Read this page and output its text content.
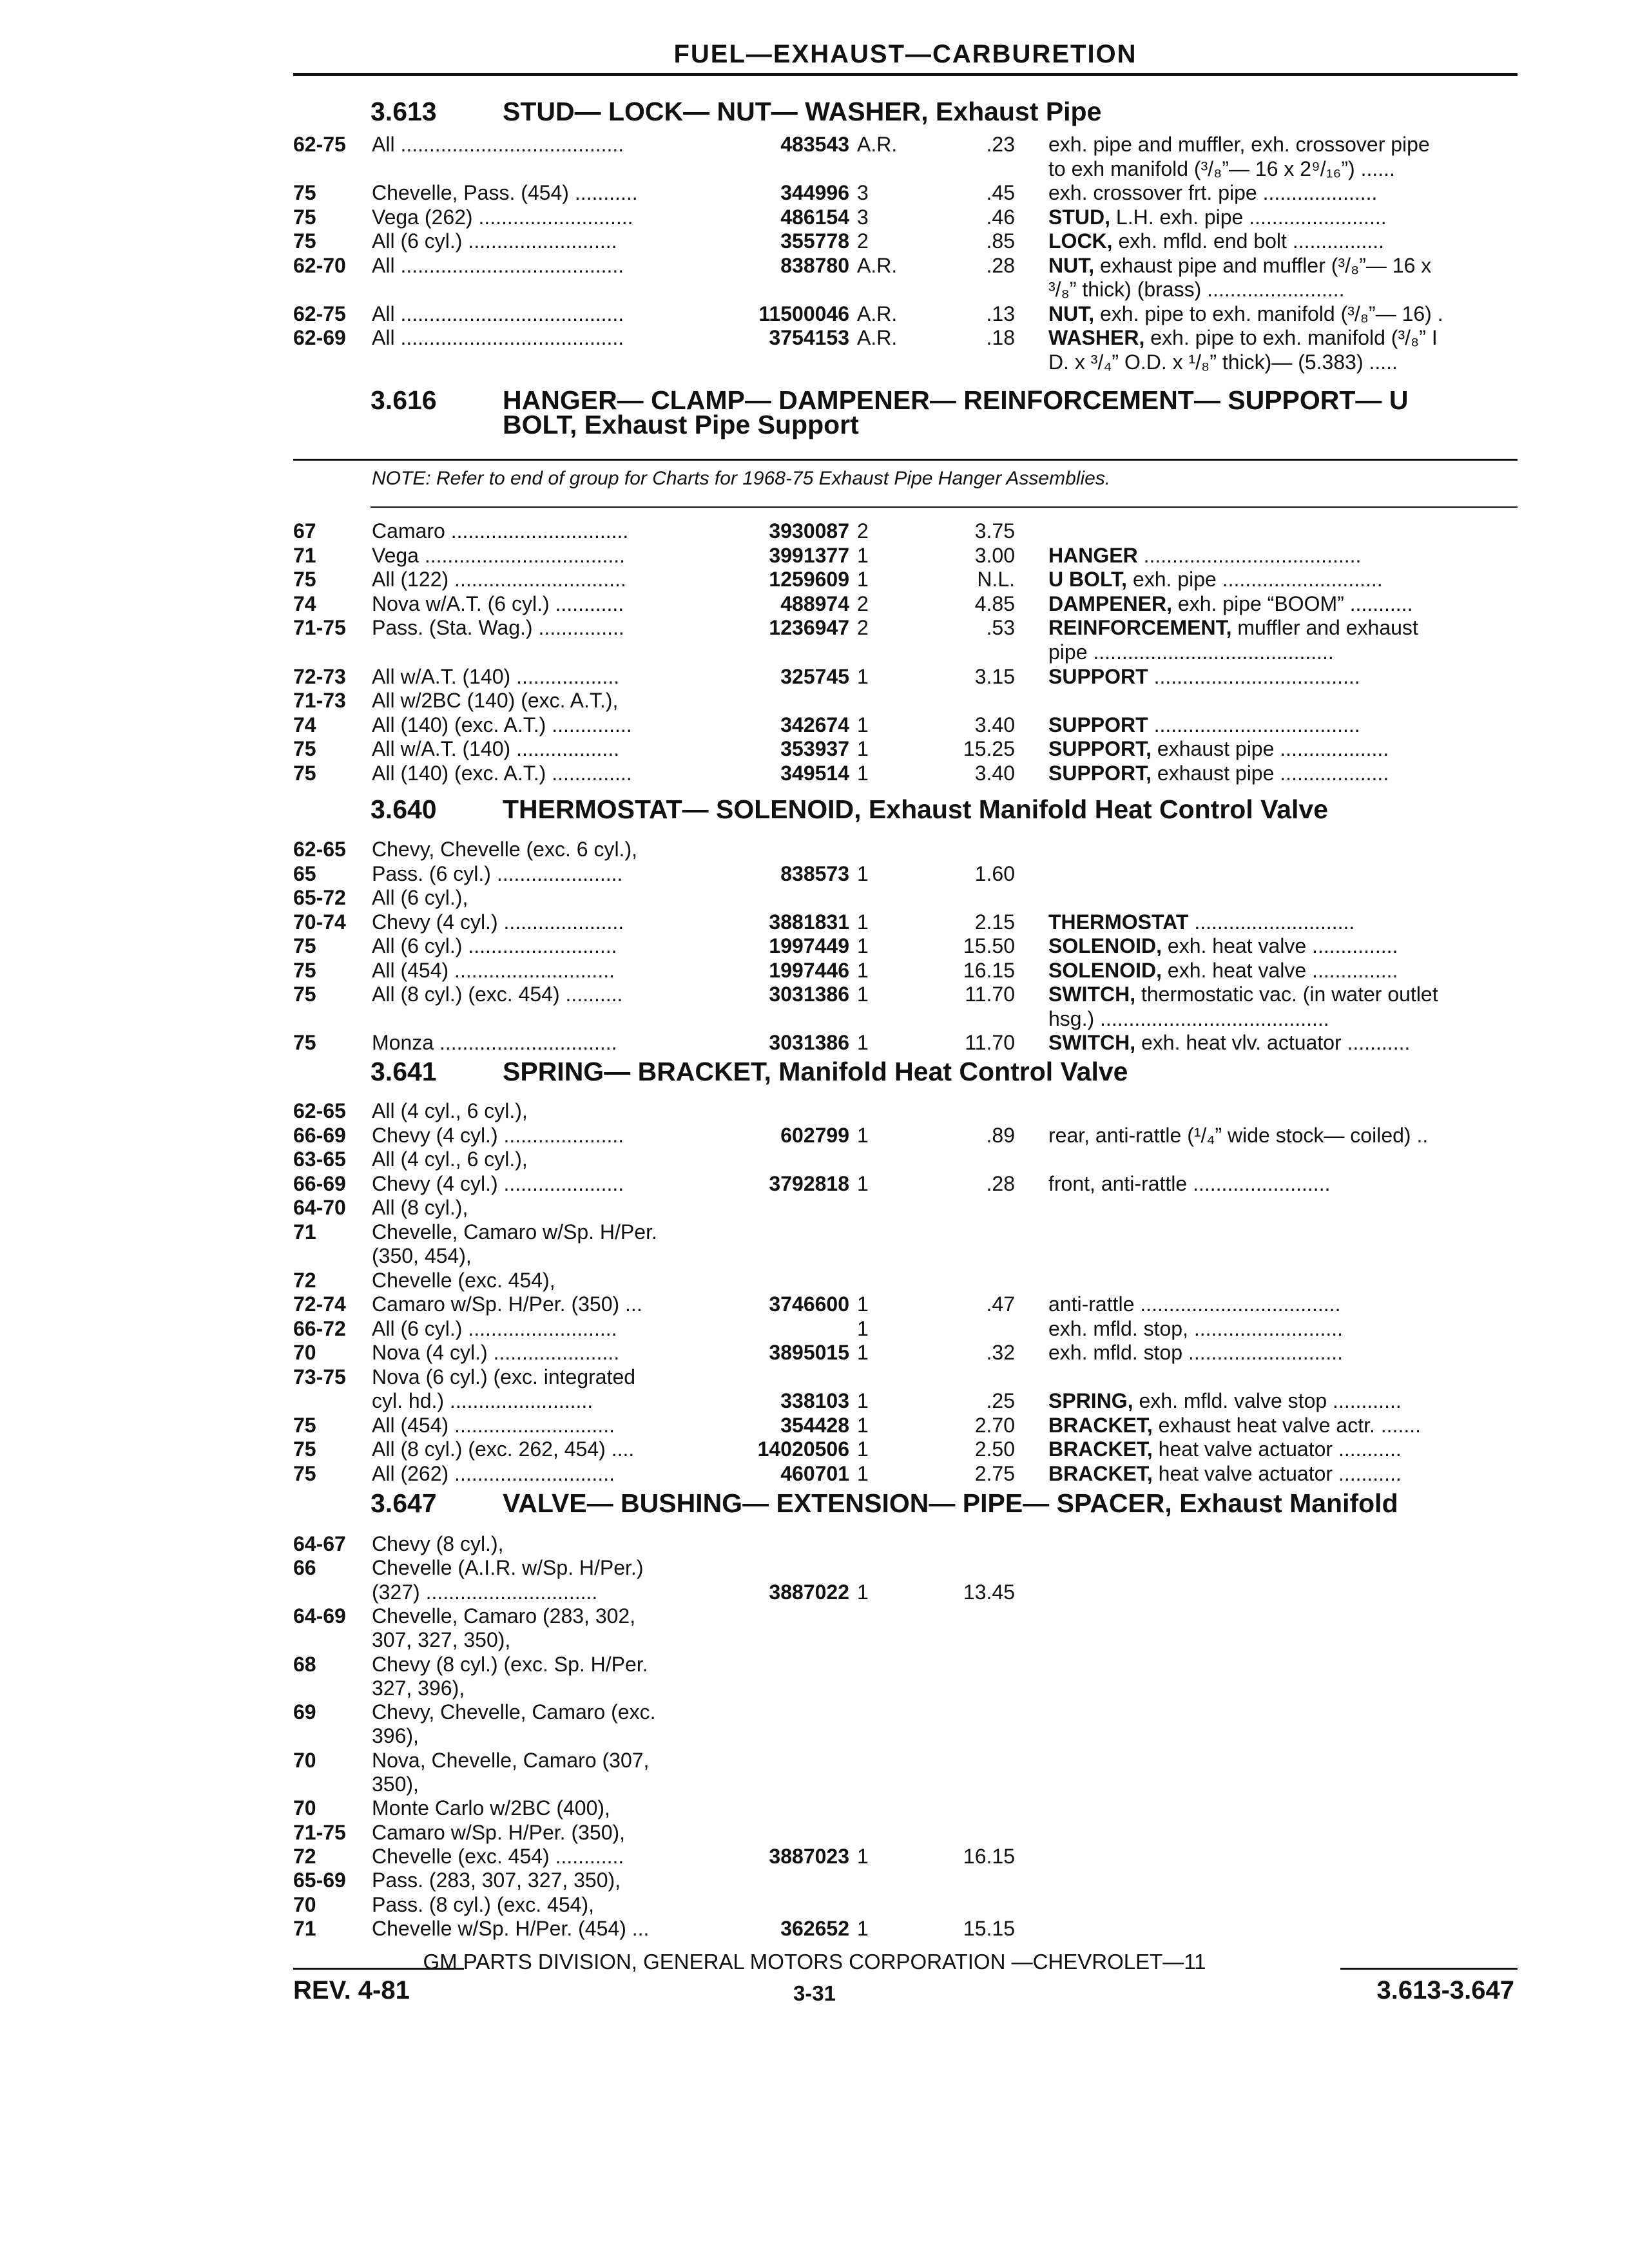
FUEL—EXHAUST—CARBURETION
3.613 STUD— LOCK— NUT— WASHER, Exhaust Pipe
3.616 HANGER— CLAMP— DAMPENER— REINFORCEMENT— SUPPORT— U
BOLT, Exhaust Pipe Support
NOTE: Refer to end of group for Charts for 1968-75 Exhaust Pipe Hanger Assemblies.
3.640 THERMOSTAT— SOLENOID, Exhaust Manifold Heat Control Valve
3.641 SPRING— BRACKET, Manifold Heat Control Valve
3.647 VALVE— BUSHING— EXTENSION— PIPE— SPACER, Exhaust Manifold
62-75 All .......................................	483543 A.R.	.23 exh. pipe and muffler, exh. crossover pipe
to exh manifold (³/₈”— 16 x 2⁹/₁₆”) ......
75	Chevelle, Pass. (454) ...........	344996 3	.45 exh. crossover frt. pipe ....................
75	Vega (262) ...........................	486154 3	.46 STUD, L.H. exh. pipe ........................
75	All (6 cyl.) ..........................	355778 2	.85 LOCK, exh. mfld. end bolt ................
62-70 All .......................................	838780 A.R.	.28 NUT, exhaust pipe and muffler (³/₈”— 16 x
³/₈” thick) (brass) ........................
62-75 All .......................................	11500046 A.R.	.13 NUT, exh. pipe to exh. manifold (³/₈”— 16) .
62-69 All .......................................	3754153 A.R.	.18 WASHER, exh. pipe to exh. manifold (³/₈” I
D. x ³/₄” O.D. x ¹/₈” thick)— (5.383) .....
67	Camaro ...............................	3930087 2	3.75
71	Vega ...................................	3991377 1	3.00 HANGER ......................................
75	All (122) ..............................	1259609 1	N.L. U BOLT, exh. pipe ............................
74	Nova w/A.T. (6 cyl.) ............	488974 2	4.85 DAMPENER, exh. pipe “BOOM” ...........
71-75 Pass. (Sta. Wag.) ...............	1236947 2	.53 REINFORCEMENT, muffler and exhaust
pipe ..........................................
72-73 All w/A.T. (140) ..................	325745 1	3.15 SUPPORT ....................................
71-73 All w/2BC (140) (exc. A.T.),
74	All (140) (exc. A.T.) ..............	342674 1	3.40 SUPPORT ....................................
75	All w/A.T. (140) ..................	353937 1	15.25 SUPPORT, exhaust pipe ...................
75	All (140) (exc. A.T.) ..............	349514 1	3.40 SUPPORT, exhaust pipe ...................
62-65 Chevy, Chevelle (exc. 6 cyl.),
65	Pass. (6 cyl.) ......................	838573 1	1.60
65-72 All (6 cyl.),
70-74 Chevy (4 cyl.) .....................	3881831 1	2.15 THERMOSTAT ............................
75	All (6 cyl.) ..........................	1997449 1	15.50 SOLENOID, exh. heat valve ...............
75	All (454) ............................	1997446 1	16.15 SOLENOID, exh. heat valve ...............
75	All (8 cyl.) (exc. 454) ..........	3031386 1	11.70 SWITCH, thermostatic vac. (in water outlet
hsg.) ........................................
75	Monza ...............................	3031386 1	11.70 SWITCH, exh. heat vlv. actuator ...........
62-65 All (4 cyl., 6 cyl.),
66-69 Chevy (4 cyl.) .....................	602799 1	.89 rear, anti-rattle (¹/₄” wide stock— coiled) ..
63-65 All (4 cyl., 6 cyl.),
66-69 Chevy (4 cyl.) .....................	3792818 1	.28 front, anti-rattle ........................
64-70 All (8 cyl.),
71	Chevelle, Camaro w/Sp. H/Per.
(350, 454),
72	Chevelle (exc. 454),
72-74 Camaro w/Sp. H/Per. (350) ...	3746600 1	.47 anti-rattle ...................................
66-72 All (6 cyl.) ..........................	1	exh. mfld. stop, ..........................
70	Nova (4 cyl.) ......................	3895015 1	.32 exh. mfld. stop ...........................
73-75 Nova (6 cyl.) (exc. integrated
cyl. hd.) .........................	338103 1	.25 SPRING, exh. mfld. valve stop ............
75	All (454) ............................	354428 1	2.70 BRACKET, exhaust heat valve actr. .......
75	All (8 cyl.) (exc. 262, 454) ....	14020506 1	2.50 BRACKET, heat valve actuator ...........
75	All (262) ............................	460701 1	2.75 BRACKET, heat valve actuator ...........
64-67 Chevy (8 cyl.),
66	Chevelle (A.I.R. w/Sp. H/Per.)
(327) ..............................	3887022 1	13.45
64-69 Chevelle, Camaro (283, 302,
307, 327, 350),
68	Chevy (8 cyl.) (exc. Sp. H/Per.
327, 396),
69	Chevy, Chevelle, Camaro (exc.
396),
70	Nova, Chevelle, Camaro (307,
350),
70	Monte Carlo w/2BC (400),
71-75 Camaro w/Sp. H/Per. (350),
72	Chevelle (exc. 454) ............	3887023 1	16.15
65-69 Pass. (283, 307, 327, 350),
70	Pass. (8 cyl.) (exc. 454),
71	Chevelle w/Sp. H/Per. (454) ...	362652 1	15.15
GM PARTS DIVISION, GENERAL MOTORS CORPORATION —CHEVROLET—11
REV. 4-81	3-31	3.613-3.647
